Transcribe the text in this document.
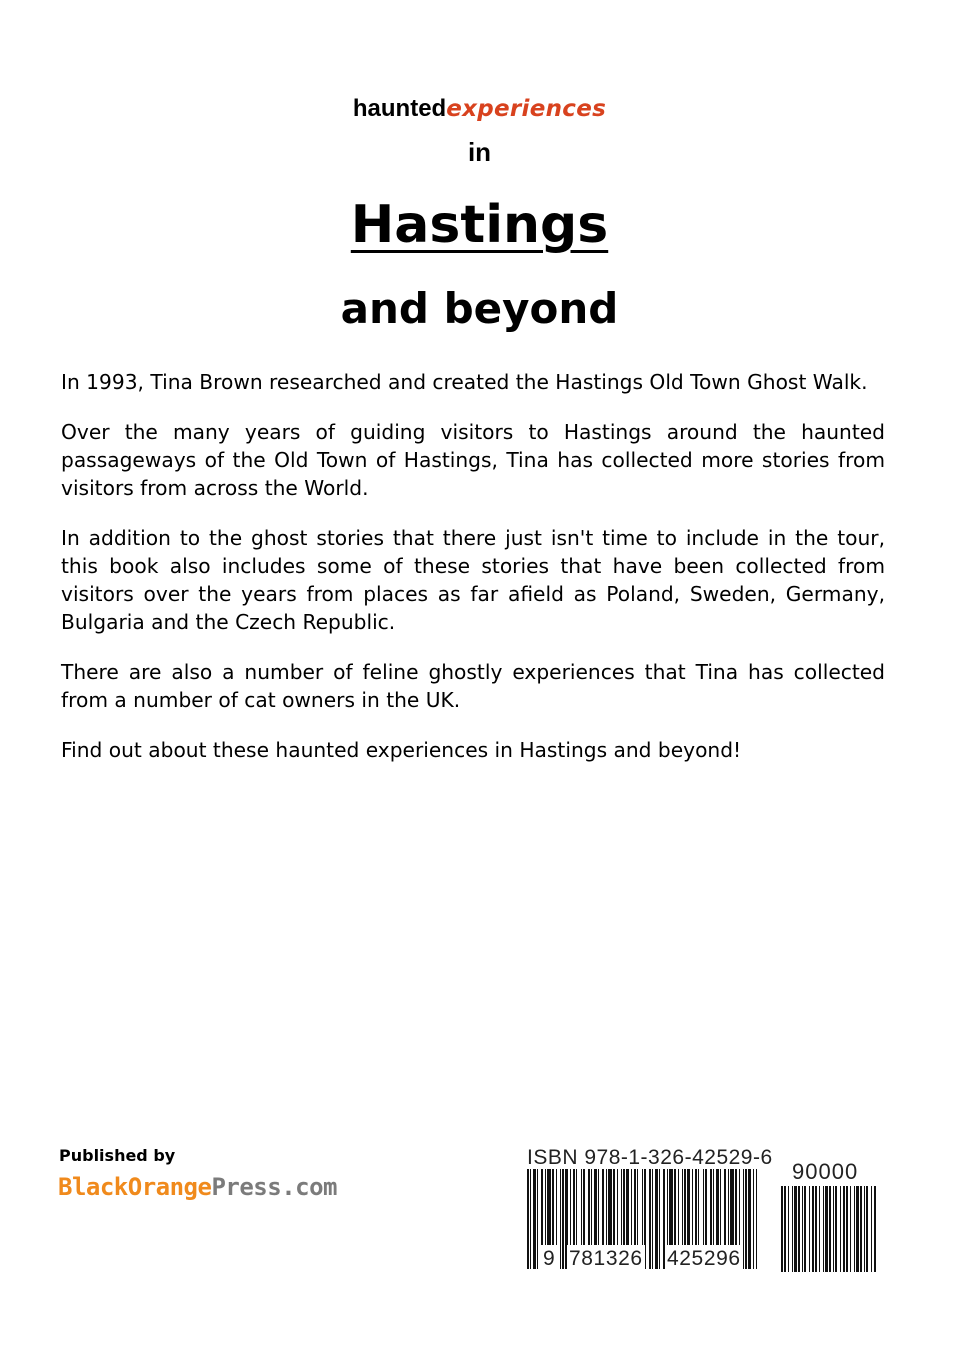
hauntedexperiences
in
Hastings
and beyond

In 1993, Tina Brown researched and created the Hastings Old Town Ghost Walk.

Over the many years of guiding visitors to Hastings around the haunted passageways of the Old Town of Hastings, Tina has collected more stories from visitors from across the World.

In addition to the ghost stories that there just isn't time to include in the tour, this book also includes some of these stories that have been collected from visitors over the years from places as far afield as Poland, Sweden, Germany, Bulgaria and the Czech Republic.

There are also a number of feline ghostly experiences that Tina has collected from a number of cat owners in the UK.

Find out about these haunted experiences in Hastings and beyond!

Published by
BlackOrangePress.com
ISBN 978-1-326-42529-6
90000
9 781326 425296
